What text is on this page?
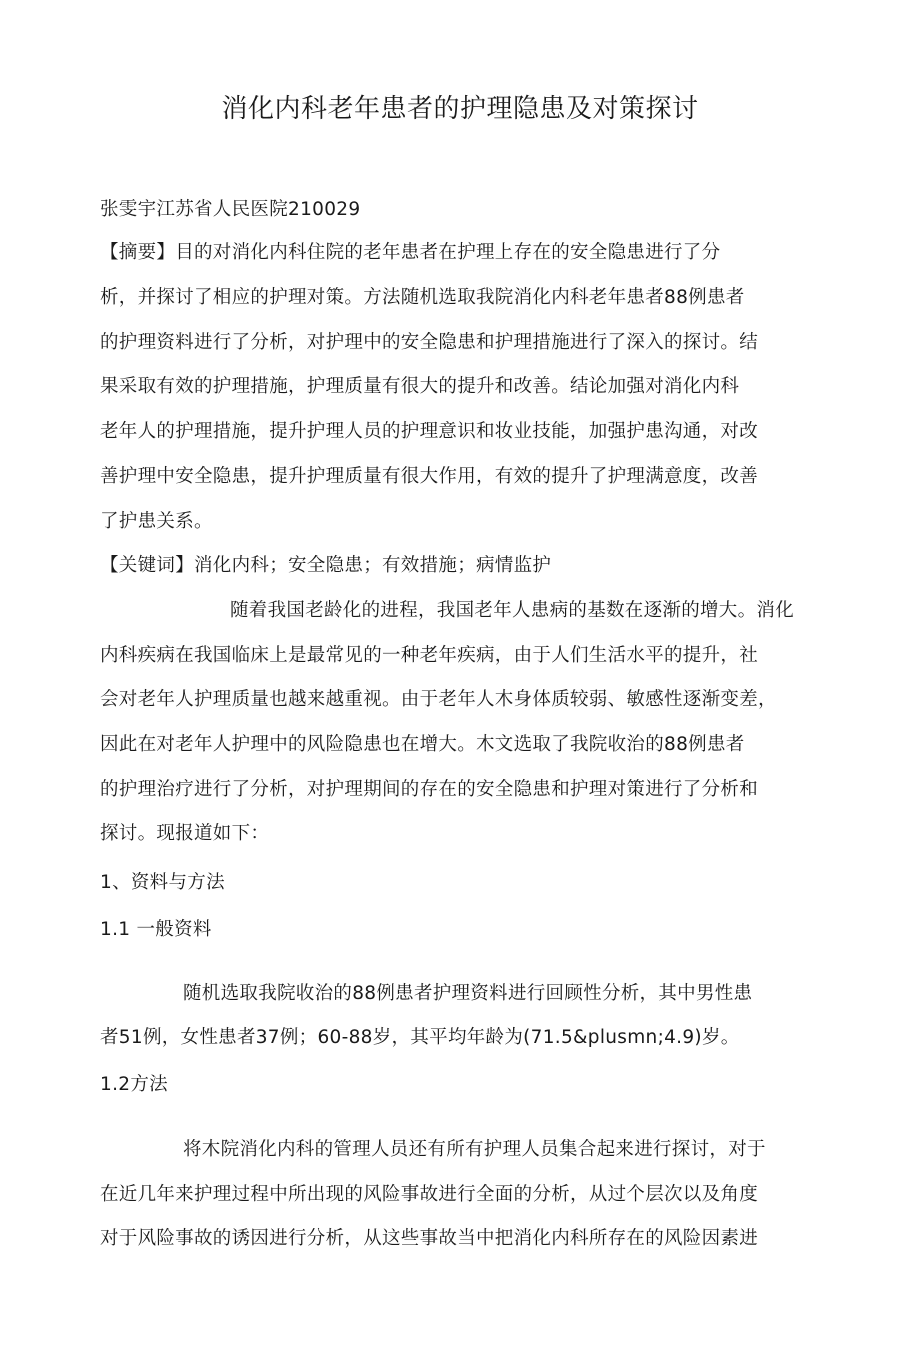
消化内科老年患者的护理隐患及对策探讨
张雯宇江苏省人民医院210029
【摘要】目的对消化内科住院的老年患者在护理上存在的安全隐患进行了分
析，并探讨了相应的护理对策。方法随机选取我院消化内科老年患者88例患者
的护理资料进行了分析，对护理中的安全隐患和护理措施进行了深入的探讨。结
果采取有效的护理措施，护理质量有很大的提升和改善。结论加强对消化内科
老年人的护理措施，提升护理人员的护理意识和妆业技能，加强护患沟通，对改
善护理中安全隐患，提升护理质量有很大作用，有效的提升了护理满意度，改善
了护患关系。
【关键词】消化内科；安全隐患；有效措施；病情监护
随着我国老龄化的进程，我国老年人患病的基数在逐渐的增大。消化
内科疾病在我国临床上是最常见的一种老年疾病，由于人们生活水平的提升，社
会对老年人护理质量也越来越重视。由于老年人木身体质较弱、敏感性逐渐变差，
因此在对老年人护理中的风险隐患也在增大。木文选取了我院收治的88例患者
的护理治疗进行了分析，对护理期间的存在的安全隐患和护理对策进行了分析和
探讨。现报道如下：
1、资料与方法
1.1 一般资料
随机选取我院收治的88例患者护理资料进行回顾性分析，其中男性患
者51例，女性患者37例；60-88岁，其平均年龄为(71.5&plusmn;4.9)岁。
1.2方法
将木院消化内科的管理人员还有所有护理人员集合起来进行探讨，对于
在近几年来护理过程中所出现的风险事故进行全面的分析，从过个层次以及角度
对于风险事故的诱因进行分析，从这些事故当中把消化内科所存在的风险因素进
